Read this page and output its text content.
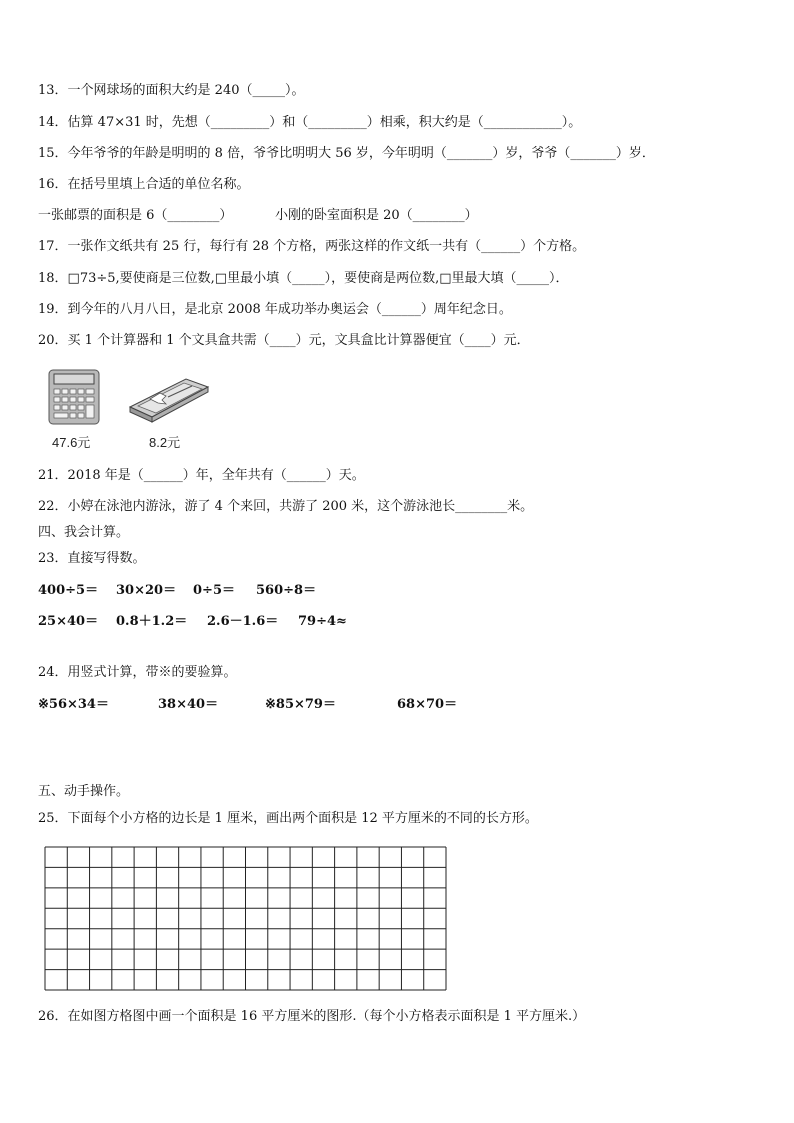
13．一个网球场的面积大约是 240（_____）。
14．估算 47×31 时，先想（_________）和（_________）相乘，积大约是（____________）。
15．今年爷爷的年龄是明明的 8 倍，爷爷比明明大 56 岁，今年明明（_______）岁，爷爷（_______）岁．
16．在括号里填上合适的单位名称。
一张邮票的面积是 6（________）	小刚的卧室面积是 20（________）
17．一张作文纸共有 25 行，每行有 28 个方格，两张这样的作文纸一共有（______）个方格。
18．□73÷5,要使商是三位数,□里最小填（_____），要使商是两位数,□里最大填（_____）．
19．到今年的八月八日，是北京 2008 年成功举办奥运会（______）周年纪念日。
20．买 1 个计算器和 1 个文具盒共需（____）元，文具盒比计算器便宜（____）元．
47.6元	8.2元
21．2018 年是（______）年，全年共有（______）天。
22．小婷在泳池内游泳，游了 4 个来回，共游了 200 米，这个游泳池长________米。
四、我会计算。
23．直接写得数。
400÷5＝ 30×20＝ 0÷5＝ 560÷8＝
25×40＝ 0.8＋1.2＝ 2.6－1.6＝ 79÷4≈
24．用竖式计算，带※的要验算。
※56×34＝	38×40＝	※85×79＝	68×70＝
五、动手操作。
25．下面每个小方格的边长是 1 厘米，画出两个面积是 12 平方厘米的不同的长方形。
26．在如图方格图中画一个面积是 16 平方厘米的图形.（每个小方格表示面积是 1 平方厘米.）
